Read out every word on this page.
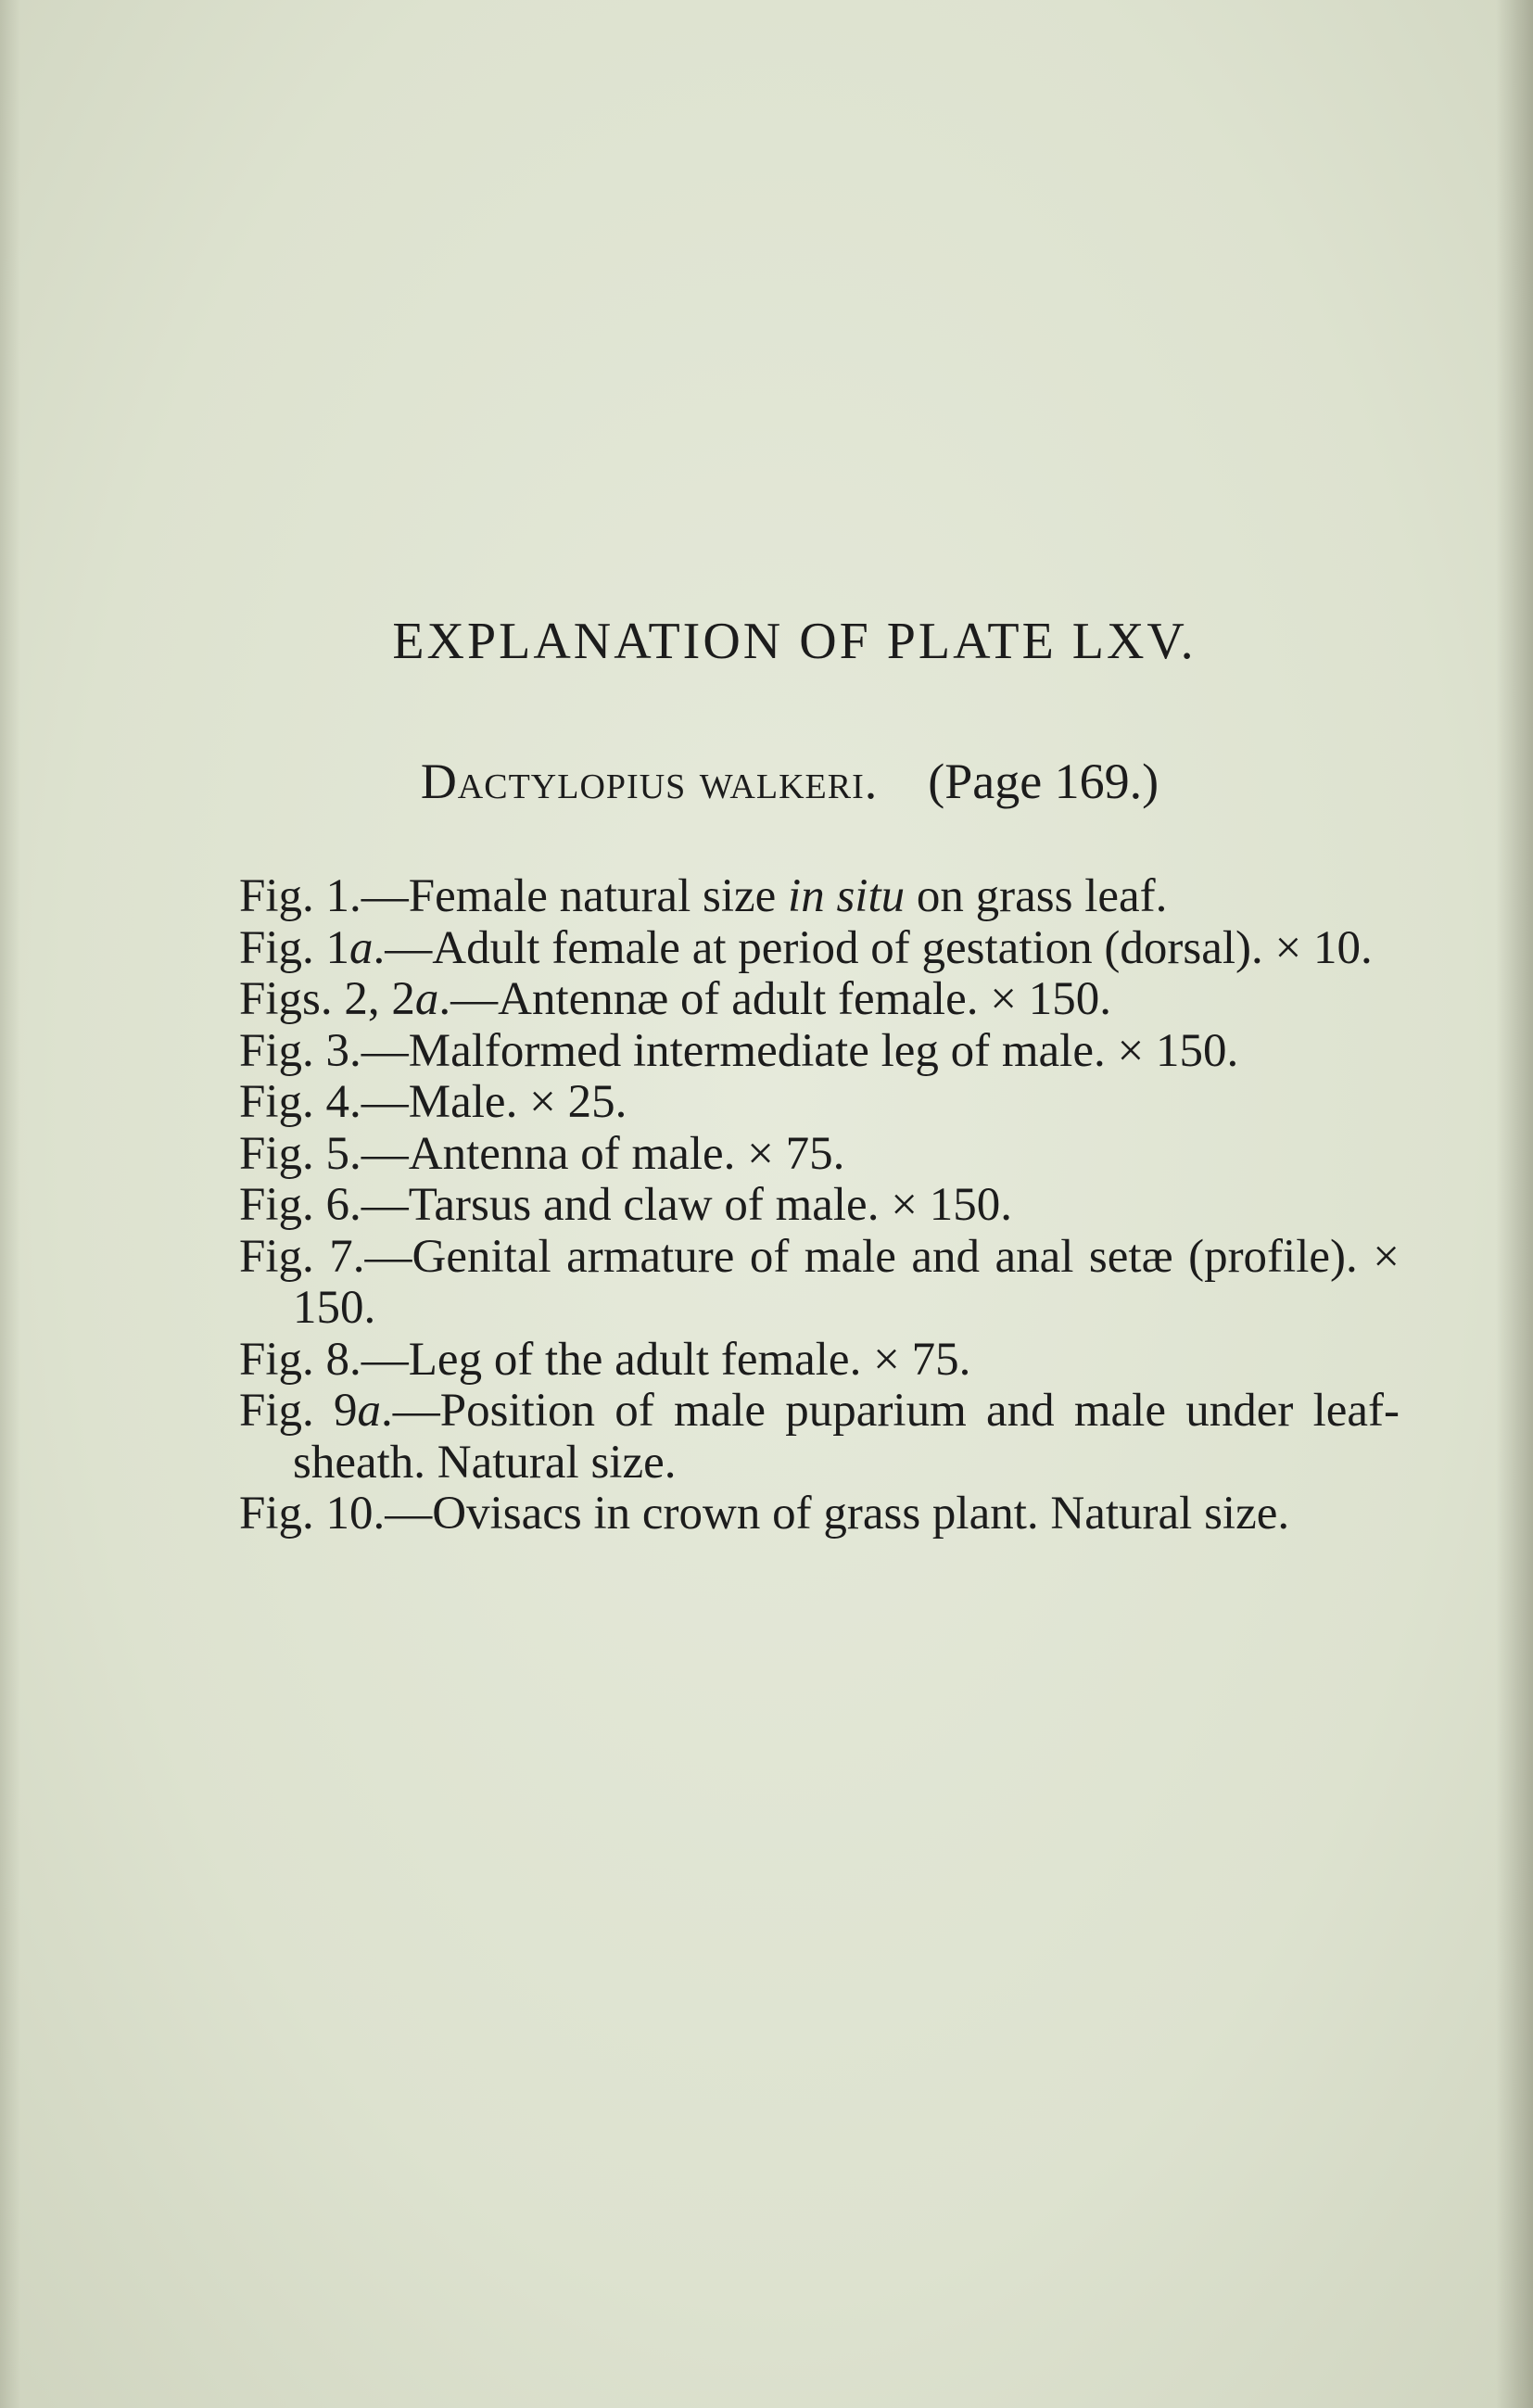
EXPLANATION OF PLATE LXV.
Dactylopius walkeri. (Page 169.)
Fig. 1.—Female natural size in situ on grass leaf.
Fig. 1a.—Adult female at period of gestation (dorsal). × 10.
Figs. 2, 2a.—Antennæ of adult female. × 150.
Fig. 3.—Malformed intermediate leg of male. × 150.
Fig. 4.—Male. × 25.
Fig. 5.—Antenna of male. × 75.
Fig. 6.—Tarsus and claw of male. × 150.
Fig. 7.—Genital armature of male and anal setæ (profile). × 150.
Fig. 8.—Leg of the adult female. × 75.
Fig. 9a.—Position of male puparium and male under leaf-sheath. Natural size.
Fig. 10.—Ovisacs in crown of grass plant. Natural size.
